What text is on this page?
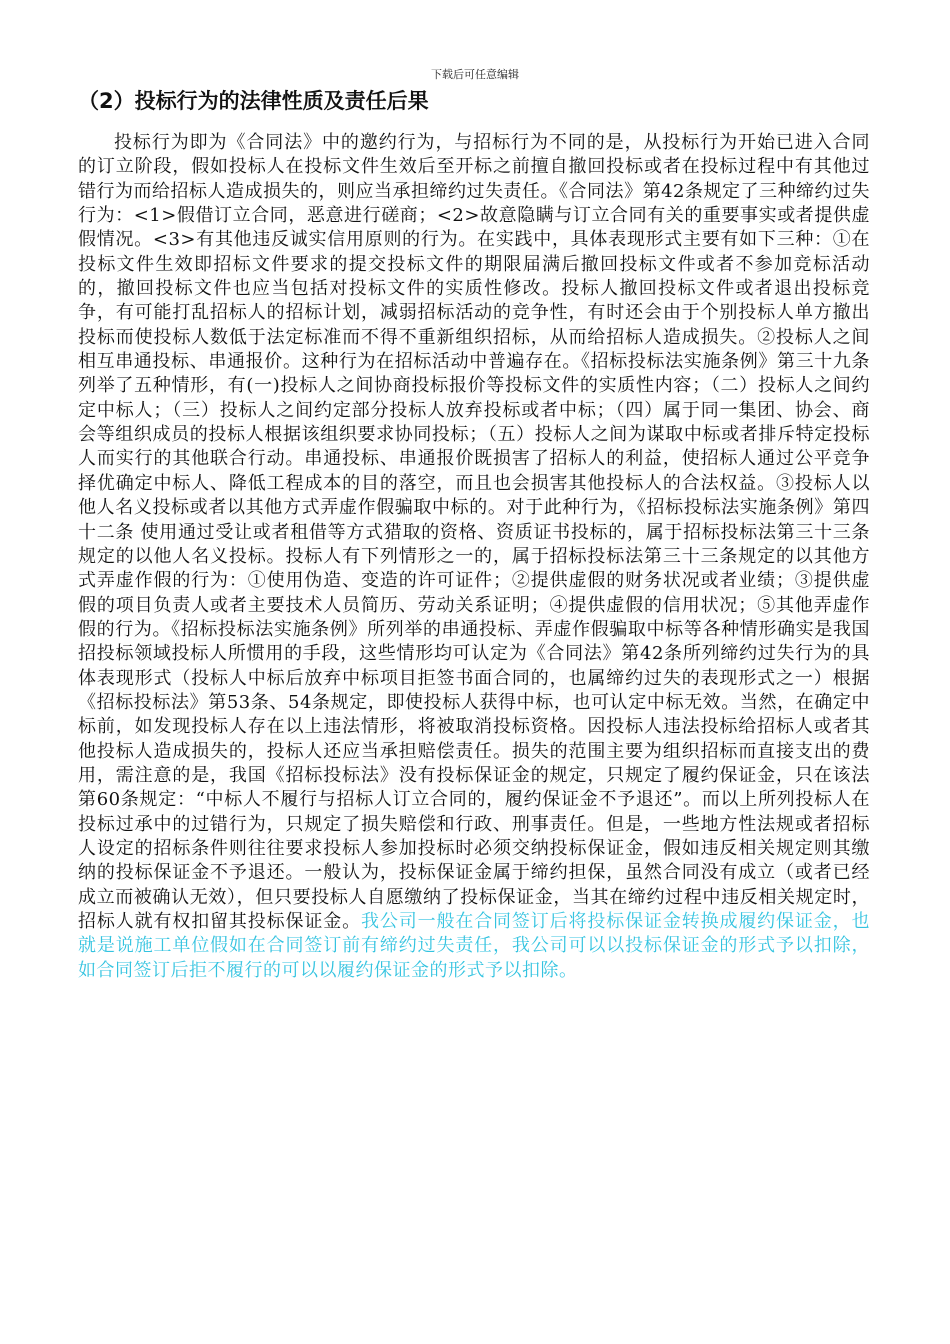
下载后可任意编辑
（2）投标行为的法律性质及责任后果

投标行为即为《合同法》中的邀约行为，与招标行为不同的是，从投标行为开始已进入合同的订立阶段，假如投标人在投标文件生效后至开标之前擅自撤回投标或者在投标过程中有其他过错行为而给招标人造成损失的，则应当承担缔约过失责任。《合同法》第42条规定了三种缔约过失行为：<1>假借订立合同，恶意进行磋商；<2>故意隐瞒与订立合同有关的重要事实或者提供虚假情况。<3>有其他违反诚实信用原则的行为。在实践中，具体表现形式主要有如下三种：①在投标文件生效即招标文件要求的提交投标文件的期限届满后撤回投标文件或者不参加竞标活动的，撤回投标文件也应当包括对投标文件的实质性修改。投标人撤回投标文件或者退出投标竞争，有可能打乱招标人的招标计划，减弱招标活动的竞争性，有时还会由于个别投标人单方撤出投标而使投标人数低于法定标准而不得不重新组织招标，从而给招标人造成损失。②投标人之间相互串通投标、串通报价。这种行为在招标活动中普遍存在。《招标投标法实施条例》第三十九条列举了五种情形，有(一)投标人之间协商投标报价等投标文件的实质性内容；（二）投标人之间约定中标人；（三）投标人之间约定部分投标人放弃投标或者中标；（四）属于同一集团、协会、商会等组织成员的投标人根据该组织要求协同投标；（五）投标人之间为谋取中标或者排斥特定投标人而实行的其他联合行动。串通投标、串通报价既损害了招标人的利益，使招标人通过公平竞争择优确定中标人、降低工程成本的目的落空，而且也会损害其他投标人的合法权益。③投标人以他人名义投标或者以其他方式弄虚作假骗取中标的。对于此种行为，《招标投标法实施条例》第四十二条 使用通过受让或者租借等方式猎取的资格、资质证书投标的，属于招标投标法第三十三条规定的以他人名义投标。投标人有下列情形之一的，属于招标投标法第三十三条规定的以其他方式弄虚作假的行为：①使用伪造、变造的许可证件；②提供虚假的财务状况或者业绩；③提供虚假的项目负责人或者主要技术人员简历、劳动关系证明；④提供虚假的信用状况；⑤其他弄虚作假的行为。《招标投标法实施条例》所列举的串通投标、弄虚作假骗取中标等各种情形确实是我国招投标领域投标人所惯用的手段，这些情形均可认定为《合同法》第42条所列缔约过失行为的具体表现形式（投标人中标后放弃中标项目拒签书面合同的，也属缔约过失的表现形式之一）根据《招标投标法》第53条、54条规定，即使投标人获得中标，也可认定中标无效。当然，在确定中标前，如发现投标人存在以上违法情形，将被取消投标资格。因投标人违法投标给招标人或者其他投标人造成损失的，投标人还应当承担赔偿责任。损失的范围主要为组织招标而直接支出的费用，需注意的是，我国《招标投标法》没有投标保证金的规定，只规定了履约保证金，只在该法第60条规定：“中标人不履行与招标人订立合同的，履约保证金不予退还”。而以上所列投标人在投标过承中的过错行为，只规定了损失赔偿和行政、刑事责任。但是，一些地方性法规或者招标人设定的招标条件则往往要求投标人参加投标时必须交纳投标保证金，假如违反相关规定则其缴纳的投标保证金不予退还。一般认为，投标保证金属于缔约担保，虽然合同没有成立（或者已经成立而被确认无效），但只要投标人自愿缴纳了投标保证金，当其在缔约过程中违反相关规定时，招标人就有权扣留其投标保证金。我公司一般在合同签订后将投标保证金转换成履约保证金，也就是说施工单位假如在合同签订前有缔约过失责任，我公司可以以投标保证金的形式予以扣除，如合同签订后拒不履行的可以以履约保证金的形式予以扣除。
